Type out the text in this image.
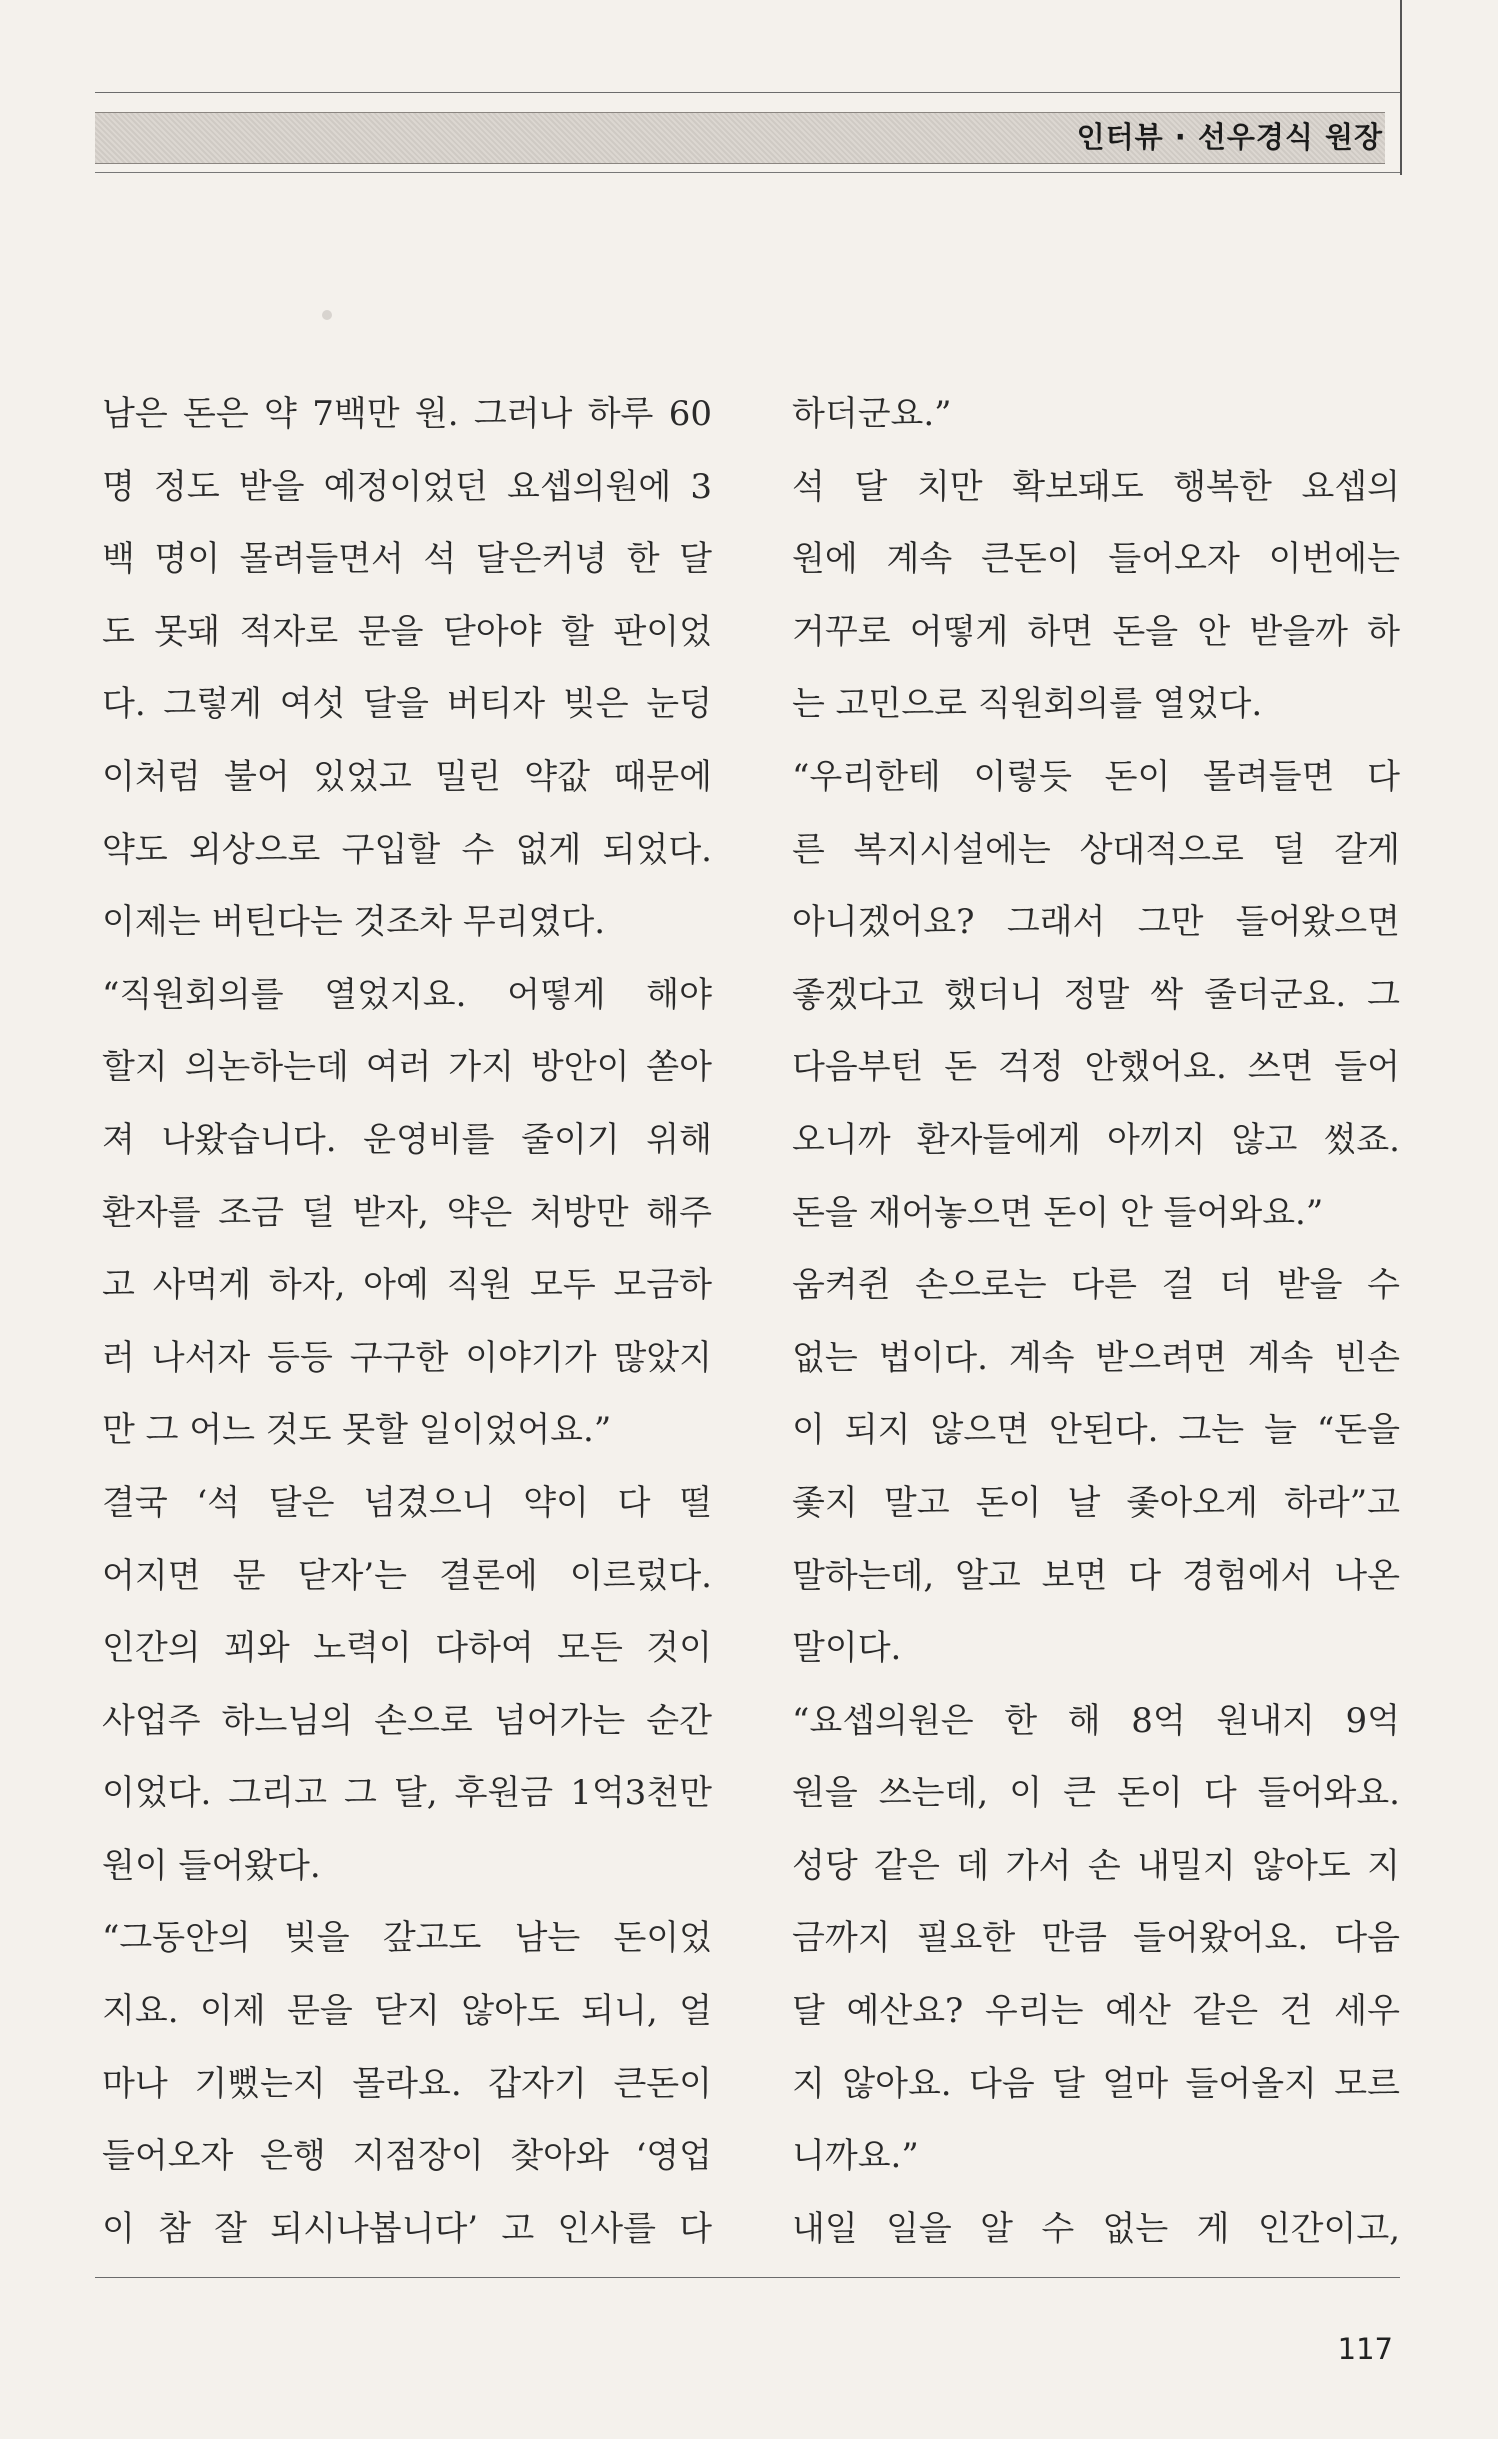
인터뷰 · 선우경식 원장
남은 돈은 약 7백만 원. 그러나 하루 60
명 정도 받을 예정이었던 요셉의원에 3
백 명이 몰려들면서 석 달은커녕 한 달
도 못돼 적자로 문을 닫아야 할 판이었
다. 그렇게 여섯 달을 버티자 빚은 눈덩
이처럼 불어 있었고 밀린 약값 때문에
약도 외상으로 구입할 수 없게 되었다.
이제는 버틴다는 것조차 무리였다.
“직원회의를 열었지요. 어떻게 해야
할지 의논하는데 여러 가지 방안이 쏟아
져 나왔습니다. 운영비를 줄이기 위해
환자를 조금 덜 받자, 약은 처방만 해주
고 사먹게 하자, 아예 직원 모두 모금하
러 나서자 등등 구구한 이야기가 많았지
만 그 어느 것도 못할 일이었어요.”
결국 ‘석 달은 넘겼으니 약이 다 떨
어지면 문 닫자’는 결론에 이르렀다.
인간의 꾀와 노력이 다하여 모든 것이
사업주 하느님의 손으로 넘어가는 순간
이었다. 그리고 그 달, 후원금 1억3천만
원이 들어왔다.
“그동안의 빚을 갚고도 남는 돈이었
지요. 이제 문을 닫지 않아도 되니, 얼
마나 기뻤는지 몰라요. 갑자기 큰돈이
들어오자 은행 지점장이 찾아와 ‘영업
이 참 잘 되시나봅니다’ 고 인사를 다
하더군요.”
석 달 치만 확보돼도 행복한 요셉의
원에 계속 큰돈이 들어오자 이번에는
거꾸로 어떻게 하면 돈을 안 받을까 하
는 고민으로 직원회의를 열었다.
“우리한테 이렇듯 돈이 몰려들면 다
른 복지시설에는 상대적으로 덜 갈게
아니겠어요? 그래서 그만 들어왔으면
좋겠다고 했더니 정말 싹 줄더군요. 그
다음부턴 돈 걱정 안했어요. 쓰면 들어
오니까 환자들에게 아끼지 않고 썼죠.
돈을 재어놓으면 돈이 안 들어와요.”
움켜쥔 손으로는 다른 걸 더 받을 수
없는 법이다. 계속 받으려면 계속 빈손
이 되지 않으면 안된다. 그는 늘 “돈을
좇지 말고 돈이 날 좇아오게 하라”고
말하는데, 알고 보면 다 경험에서 나온
말이다.
“요셉의원은 한 해 8억 원내지 9억
원을 쓰는데, 이 큰 돈이 다 들어와요.
성당 같은 데 가서 손 내밀지 않아도 지
금까지 필요한 만큼 들어왔어요. 다음
달 예산요? 우리는 예산 같은 건 세우
지 않아요. 다음 달 얼마 들어올지 모르
니까요.”
내일 일을 알 수 없는 게 인간이고,
117
